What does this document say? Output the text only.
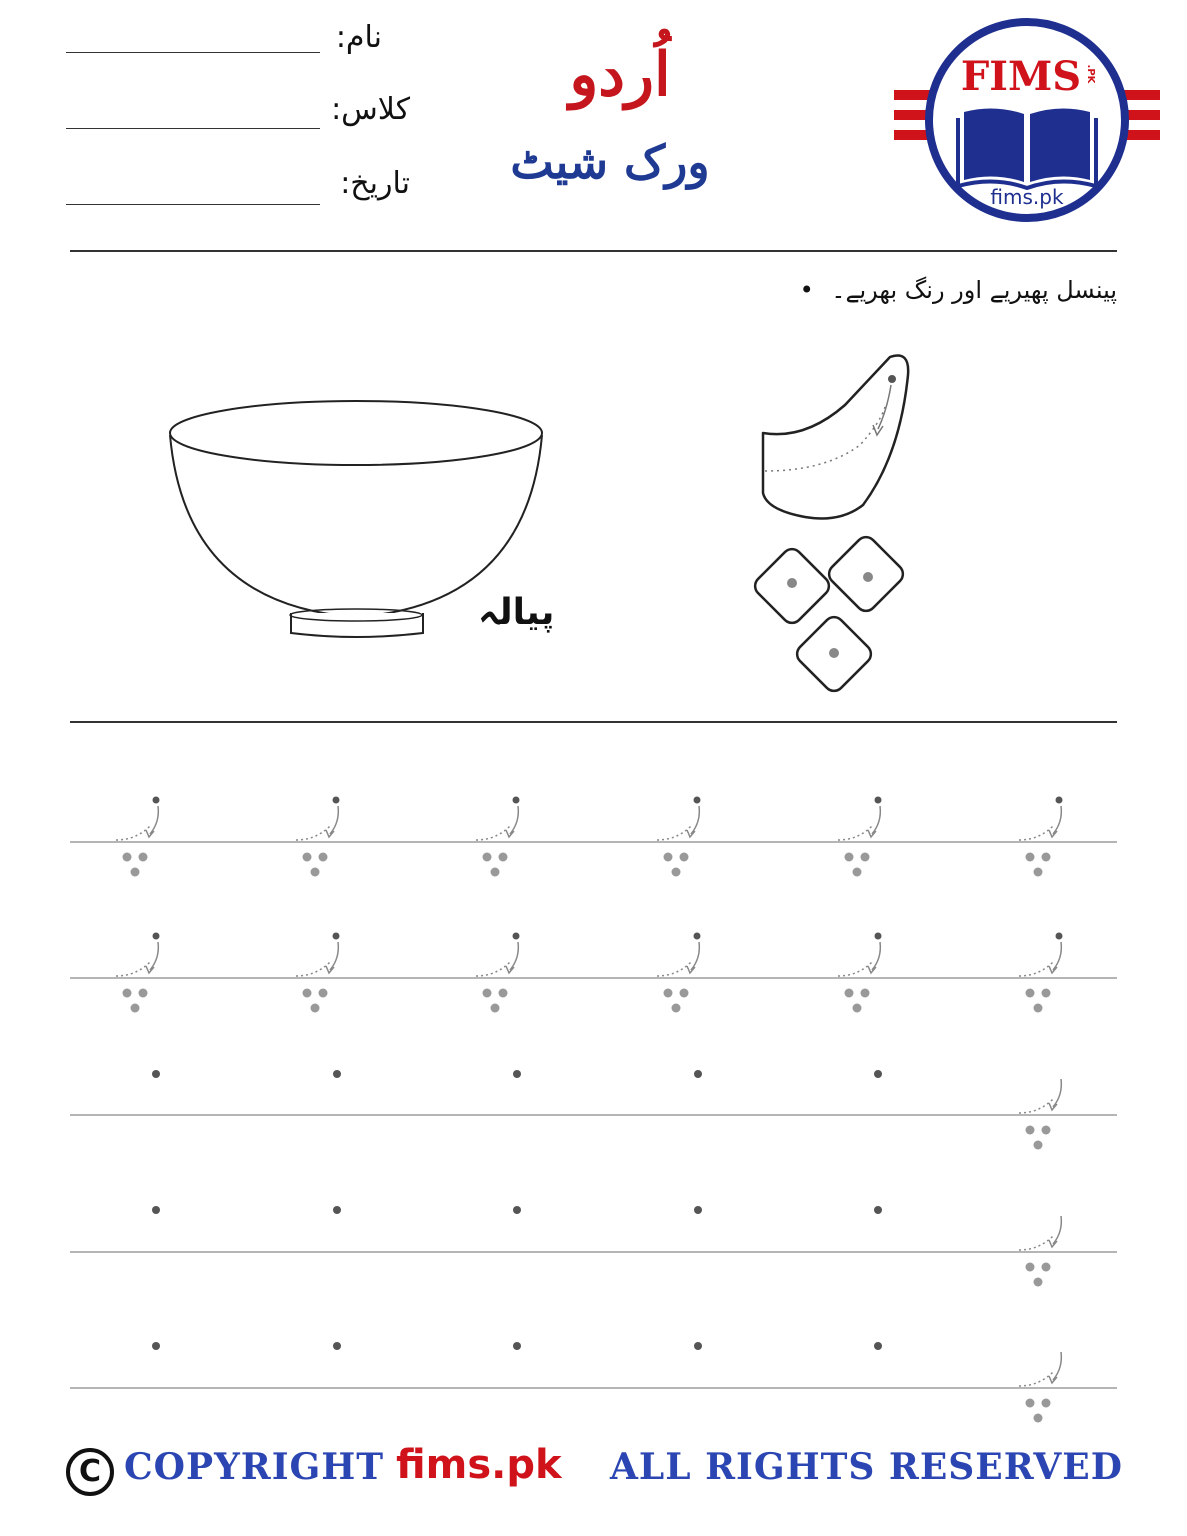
نام:
کلاس:
تاریخ:
اُردو
ورک شیٹ
FIMS .PK
fims.pk
پینسل پھیریے اور رنگ بھریے۔ •
پیالہ
C COPYRIGHT fims.pk ALL RIGHTS RESERVED
